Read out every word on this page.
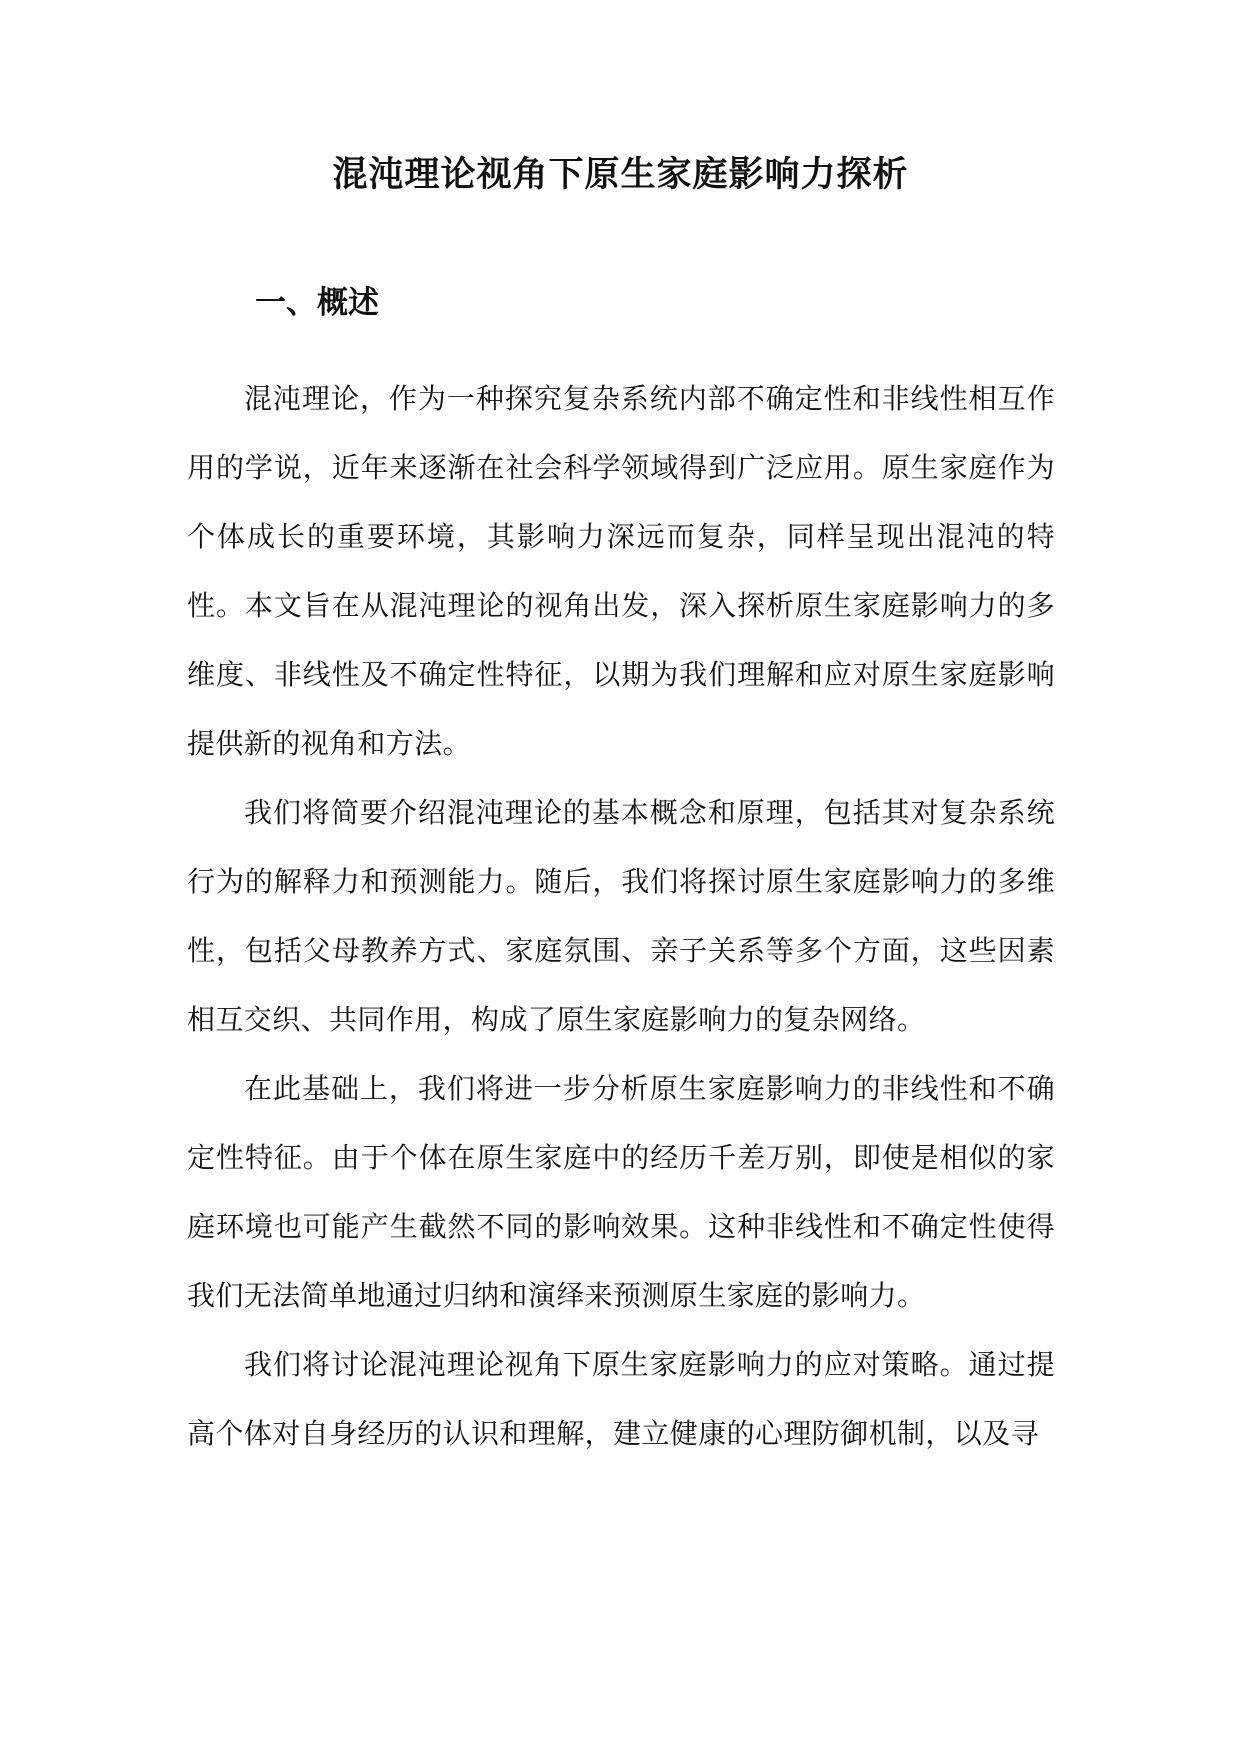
混沌理论视角下原生家庭影响力探析
一、概述

混沌理论，作为一种探究复杂系统内部不确定性和非线性相互作用的学说，近年来逐渐在社会科学领域得到广泛应用。原生家庭作为个体成长的重要环境，其影响力深远而复杂，同样呈现出混沌的特性。本文旨在从混沌理论的视角出发，深入探析原生家庭影响力的多维度、非线性及不确定性特征，以期为我们理解和应对原生家庭影响提供新的视角和方法。

我们将简要介绍混沌理论的基本概念和原理，包括其对复杂系统行为的解释力和预测能力。随后，我们将探讨原生家庭影响力的多维性，包括父母教养方式、家庭氛围、亲子关系等多个方面，这些因素相互交织、共同作用，构成了原生家庭影响力的复杂网络。

在此基础上，我们将进一步分析原生家庭影响力的非线性和不确定性特征。由于个体在原生家庭中的经历千差万别，即使是相似的家庭环境也可能产生截然不同的影响效果。这种非线性和不确定性使得我们无法简单地通过归纳和演绎来预测原生家庭的影响力。

我们将讨论混沌理论视角下原生家庭影响力的应对策略。通过提高个体对自身经历的认识和理解，建立健康的心理防御机制，以及寻
